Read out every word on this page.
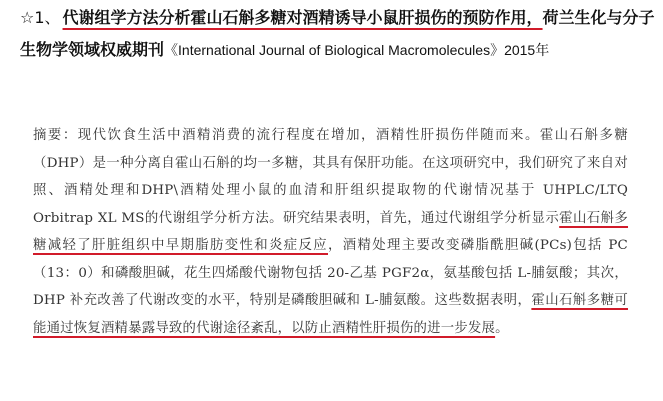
☆1、 代谢组学方法分析霍山石斛多糖对酒精诱导小鼠肝损伤的预防作用，荷兰生化与分子生物学领域权威期刊《International Journal of Biological Macromolecules》2015年
摘要：现代饮食生活中酒精消费的流行程度在增加，酒精性肝损伤伴随而来。霍山石斛多糖（DHP）是一种分离自霍山石斛的均一多糖，其具有保肝功能。在这项研究中，我们研究了来自对照、酒精处理和DHP\酒精处理小鼠的血清和肝组织提取物的代谢情况基于 UHPLC/LTQ Orbitrap XL MS的代谢组学分析方法。研究结果表明，首先，通过代谢组学分析显示霍山石斛多糖减轻了肝脏组织中早期脂肪变性和炎症反应，酒精处理主要改变磷脂酰胆碱(PCs)包括 PC（13：0）和磷酸胆碱，花生四烯酸代谢物包括 20-乙基 PGF2α，氨基酸包括 L-脯氨酸；其次，DHP 补充改善了代谢改变的水平，特别是磷酸胆碱和 L-脯氨酸。这些数据表明，霍山石斛多糖可能通过恢复酒精暴露导致的代谢途径紊乱，以防止酒精性肝损伤的进一步发展。
